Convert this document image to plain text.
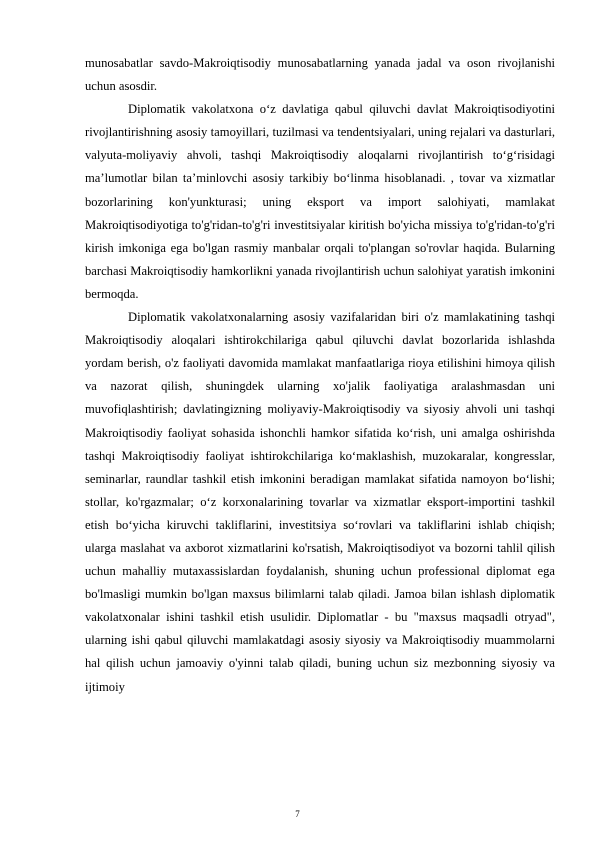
munosabatlar savdo-Makroiqtisodiy munosabatlarning yanada jadal va oson rivojlanishi uchun asosdir.

Diplomatik vakolatxona o‘z davlatiga qabul qiluvchi davlat Makroiqtisodiyotini rivojlantirishning asosiy tamoyillari, tuzilmasi va tendentsiyalari, uning rejalari va dasturlari, valyuta-moliyaviy ahvoli, tashqi Makroiqtisodiy aloqalarni rivojlantirish to‘g‘risidagi ma’lumotlar bilan ta’minlovchi asosiy tarkibiy bo‘linma hisoblanadi. , tovar va xizmatlar bozorlarining kon'yunkturasi; uning eksport va import salohiyati, mamlakat Makroiqtisodiyotiga to'g'ridan-to'g'ri investitsiyalar kiritish bo'yicha missiya to'g'ridan-to'g'ri kirish imkoniga ega bo'lgan rasmiy manbalar orqali to'plangan so'rovlar haqida. Bularning barchasi Makroiqtisodiy hamkorlikni yanada rivojlantirish uchun salohiyat yaratish imkonini bermoqda.

Diplomatik vakolatxonalarning asosiy vazifalaridan biri o'z mamlakatining tashqi Makroiqtisodiy aloqalari ishtirokchilariga qabul qiluvchi davlat bozorlarida ishlashda yordam berish, o'z faoliyati davomida mamlakat manfaatlariga rioya etilishini himoya qilish va nazorat qilish, shuningdek ularning xo'jalik faoliyatiga aralashmasdan uni muvofiqlashtirish; davlatingizning moliyaviy-Makroiqtisodiy va siyosiy ahvoli uni tashqi Makroiqtisodiy faoliyat sohasida ishonchli hamkor sifatida ko‘rish, uni amalga oshirishda tashqi Makroiqtisodiy faoliyat ishtirokchilariga ko‘maklashish, muzokaralar, kongresslar, seminarlar, raundlar tashkil etish imkonini beradigan mamlakat sifatida namoyon bo‘lishi; stollar, ko'rgazmalar; o‘z korxonalarining tovarlar va xizmatlar eksport-importini tashkil etish bo‘yicha kiruvchi takliflarini, investitsiya so‘rovlari va takliflarini ishlab chiqish; ularga maslahat va axborot xizmatlarini ko'rsatish, Makroiqtisodiyot va bozorni tahlil qilish uchun mahalliy mutaxassislardan foydalanish, shuning uchun professional diplomat ega bo'lmasligi mumkin bo'lgan maxsus bilimlarni talab qiladi. Jamoa bilan ishlash diplomatik vakolatxonalar ishini tashkil etish usulidir. Diplomatlar - bu "maxsus maqsadli otryad", ularning ishi qabul qiluvchi mamlakatdagi asosiy siyosiy va Makroiqtisodiy muammolarni hal qilish uchun jamoaviy o'yinni talab qiladi, buning uchun siz mezbonning siyosiy va ijtimoiy

7
